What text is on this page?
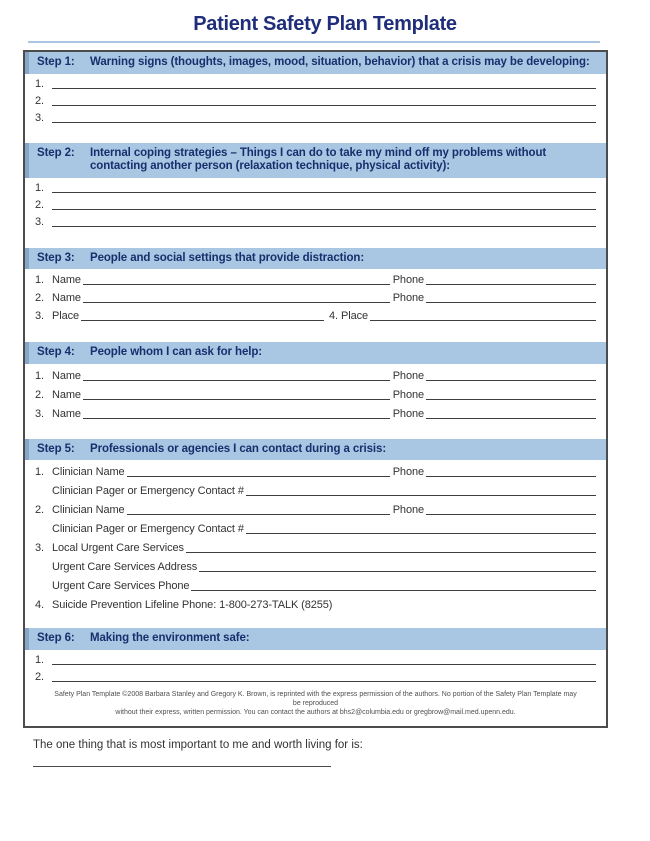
Patient Safety Plan Template
Step 1:	Warning signs (thoughts, images, mood, situation, behavior) that a crisis may be developing:
1.
2.
3.
Step 2:	Internal coping strategies – Things I can do to take my mind off my problems without contacting another person (relaxation technique, physical activity):
1.
2.
3.
Step 3:	People and social settings that provide distraction:
1. Name	Phone
2. Name	Phone
3. Place	4. Place
Step 4:	People whom I can ask for help:
1. Name	Phone
2. Name	Phone
3. Name	Phone
Step 5:	Professionals or agencies I can contact during a crisis:
1. Clinician Name	Phone
Clinician Pager or Emergency Contact #
2. Clinician Name	Phone
Clinician Pager or Emergency Contact #
3. Local Urgent Care Services
Urgent Care Services Address
Urgent Care Services Phone
4. Suicide Prevention Lifeline Phone: 1-800-273-TALK (8255)
Step 6:	Making the environment safe:
1.
2.
Safety Plan Template ©2008 Barbara Stanley and Gregory K. Brown, is reprinted with the express permission of the authors. No portion of the Safety Plan Template may be reproduced
without their express, written permission. You can contact the authors at bhs2@columbia.edu or gregbrow@mail.med.upenn.edu.
The one thing that is most important to me and worth living for is:
